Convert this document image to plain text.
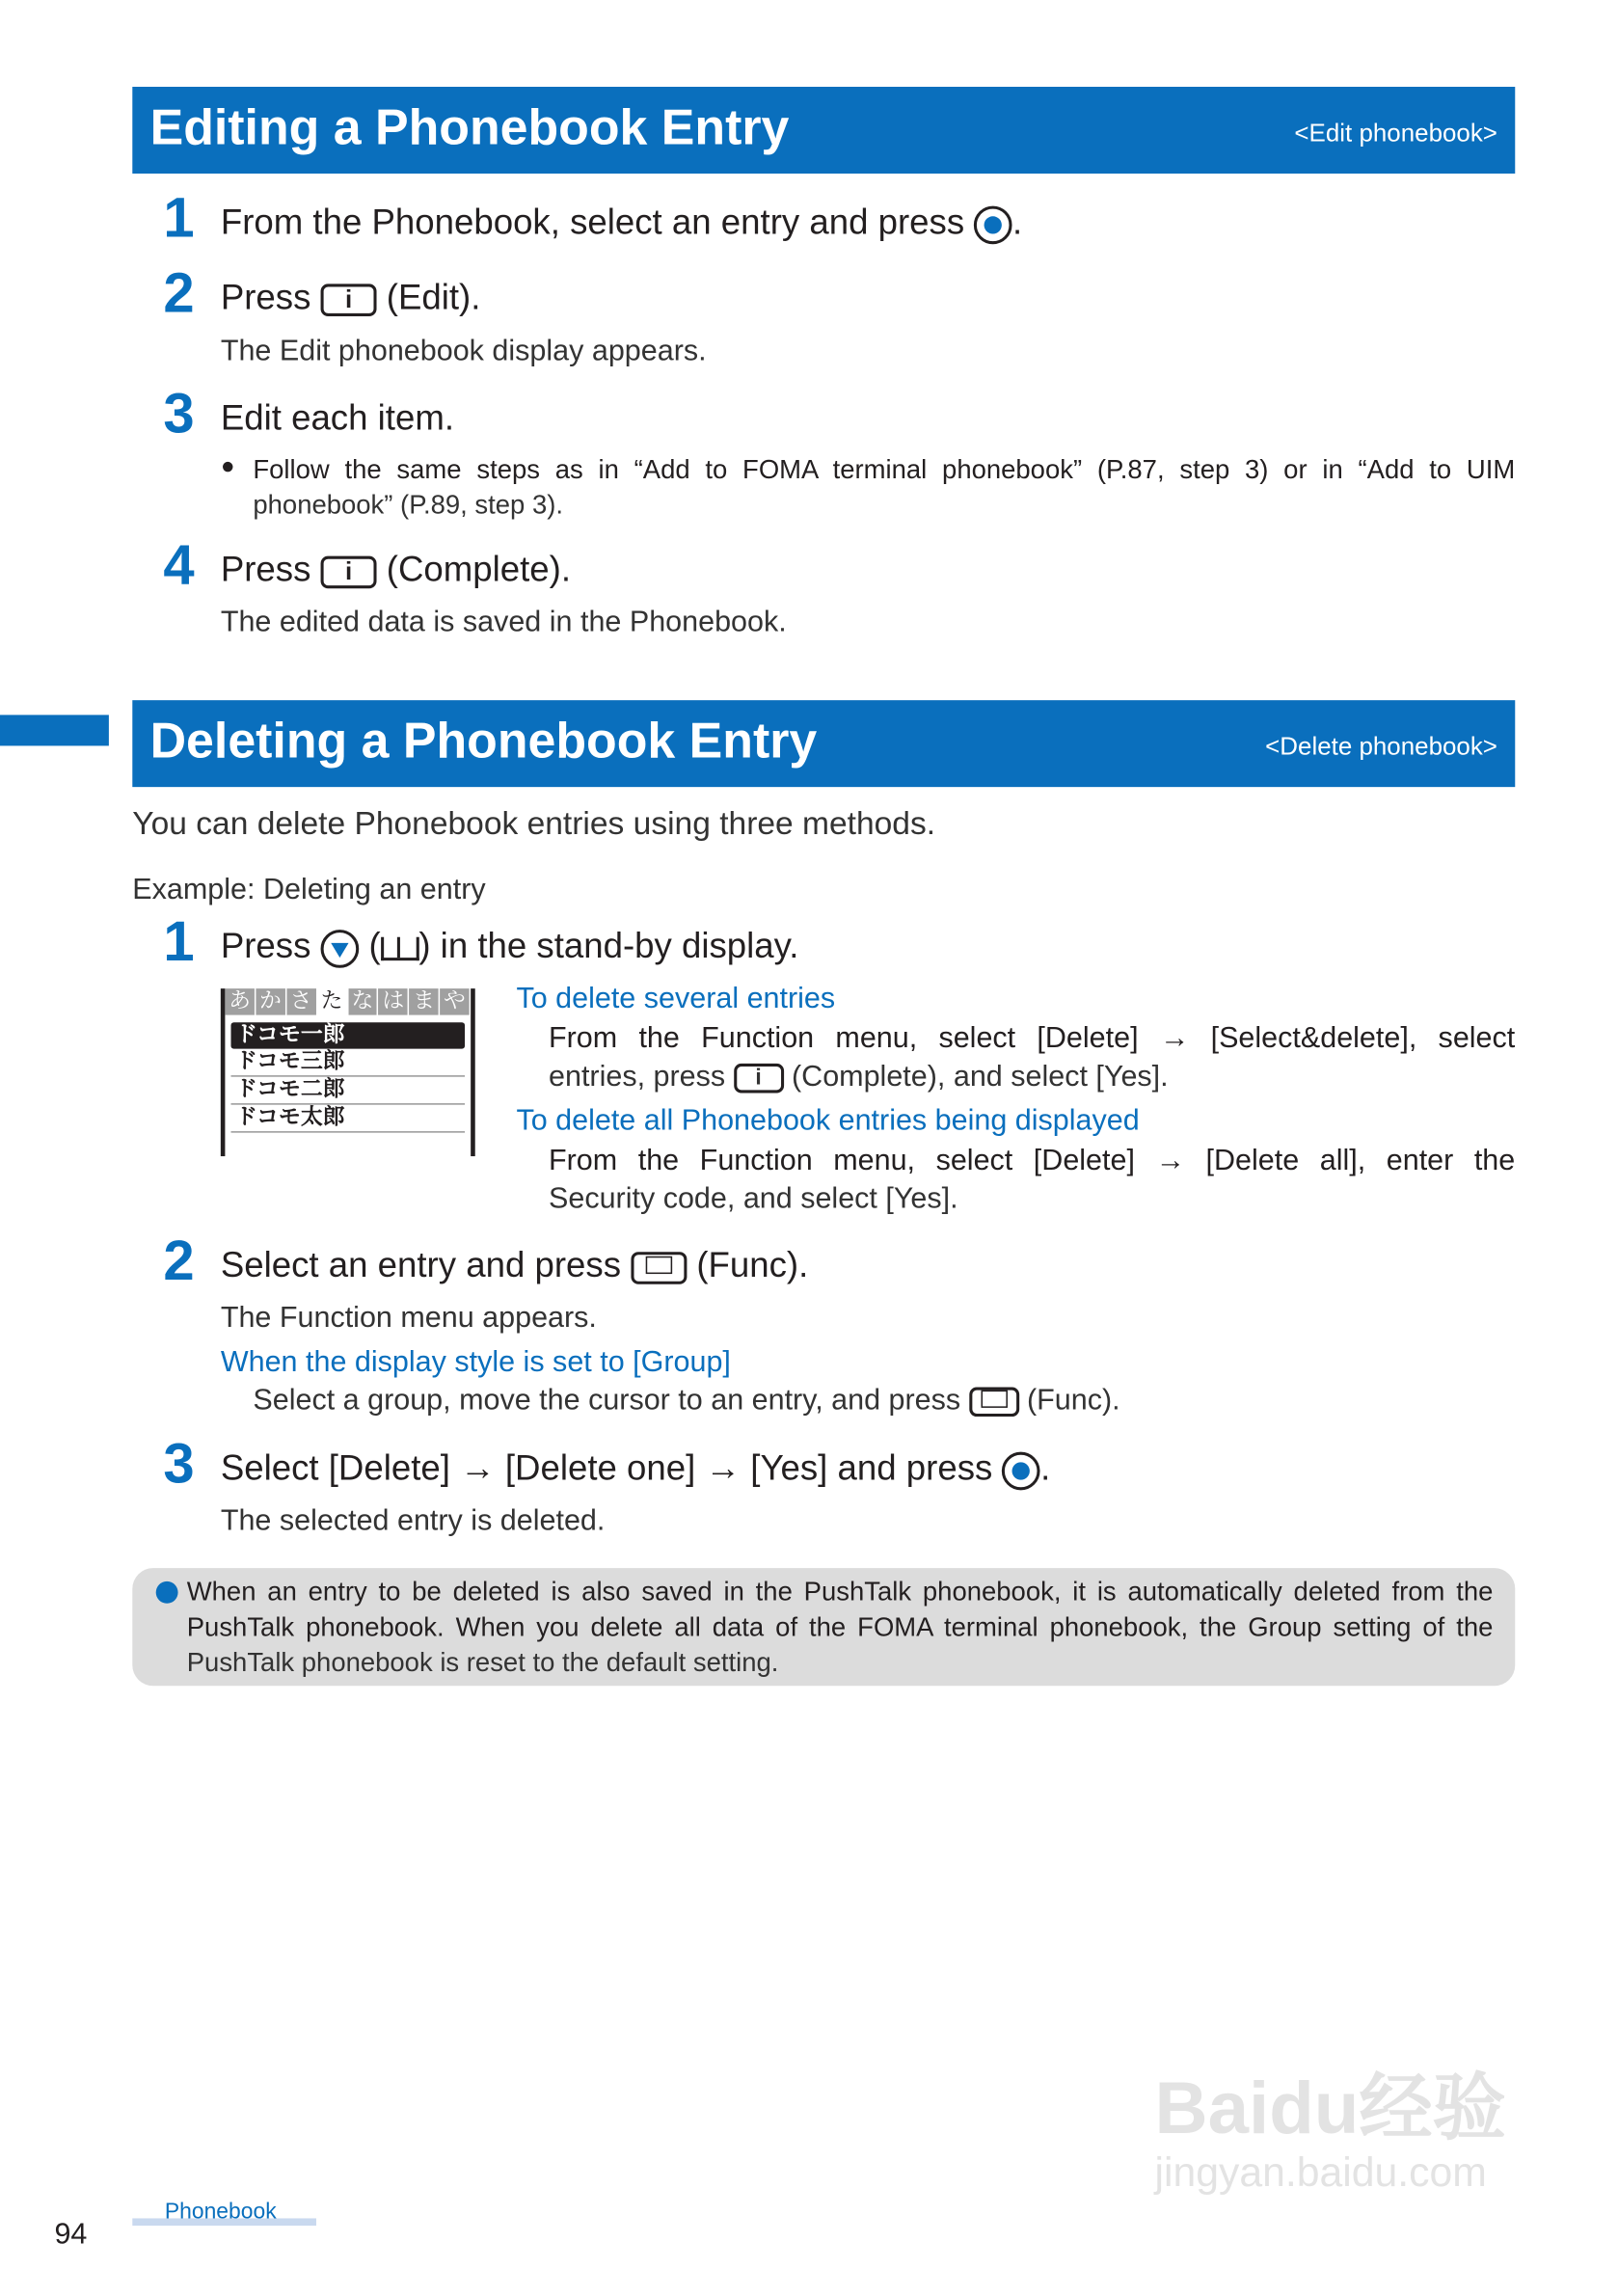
Editing a Phonebook Entry	<Edit phonebook>
1 From the Phonebook, select an entry and press .
2 Press i (Edit).
The Edit phonebook display appears.
3 Edit each item.
● Follow the same steps as in “Add to FOMA terminal phonebook” (P.87, step 3) or in “Add to UIM
phonebook” (P.89, step 3).
4 Press i (Complete).
The edited data is saved in the Phonebook.
Deleting a Phonebook Entry	<Delete phonebook>
You can delete Phonebook entries using three methods.
Example: Deleting an entry
1 Press	( ) in the stand-by display.
あ か さ た な は ま や
ドコモ一郎
ドコモ三郎
ドコモ二郎
ドコモ太郎
To delete several entries
From the Function menu, select [Delete] → [Select&delete], select
entries, press i (Complete), and select [Yes].
To delete all Phonebook entries being displayed
From the Function menu, select [Delete] → [Delete all], enter the
Security code, and select [Yes].
2 Select an entry and press	(Func).
The Function menu appears.
When the display style is set to [Group]
Select a group, move the cursor to an entry, and press	(Func).
3 Select [Delete] → [Delete one] → [Yes] and press .
The selected entry is deleted.
When an entry to be deleted is also saved in the PushTalk phonebook, it is automatically deleted from the
PushTalk phonebook. When you delete all data of the FOMA terminal phonebook, the Group setting of the
PushTalk phonebook is reset to the default setting.
94
Phonebook
Baidu经验
jingyan.baidu.com
